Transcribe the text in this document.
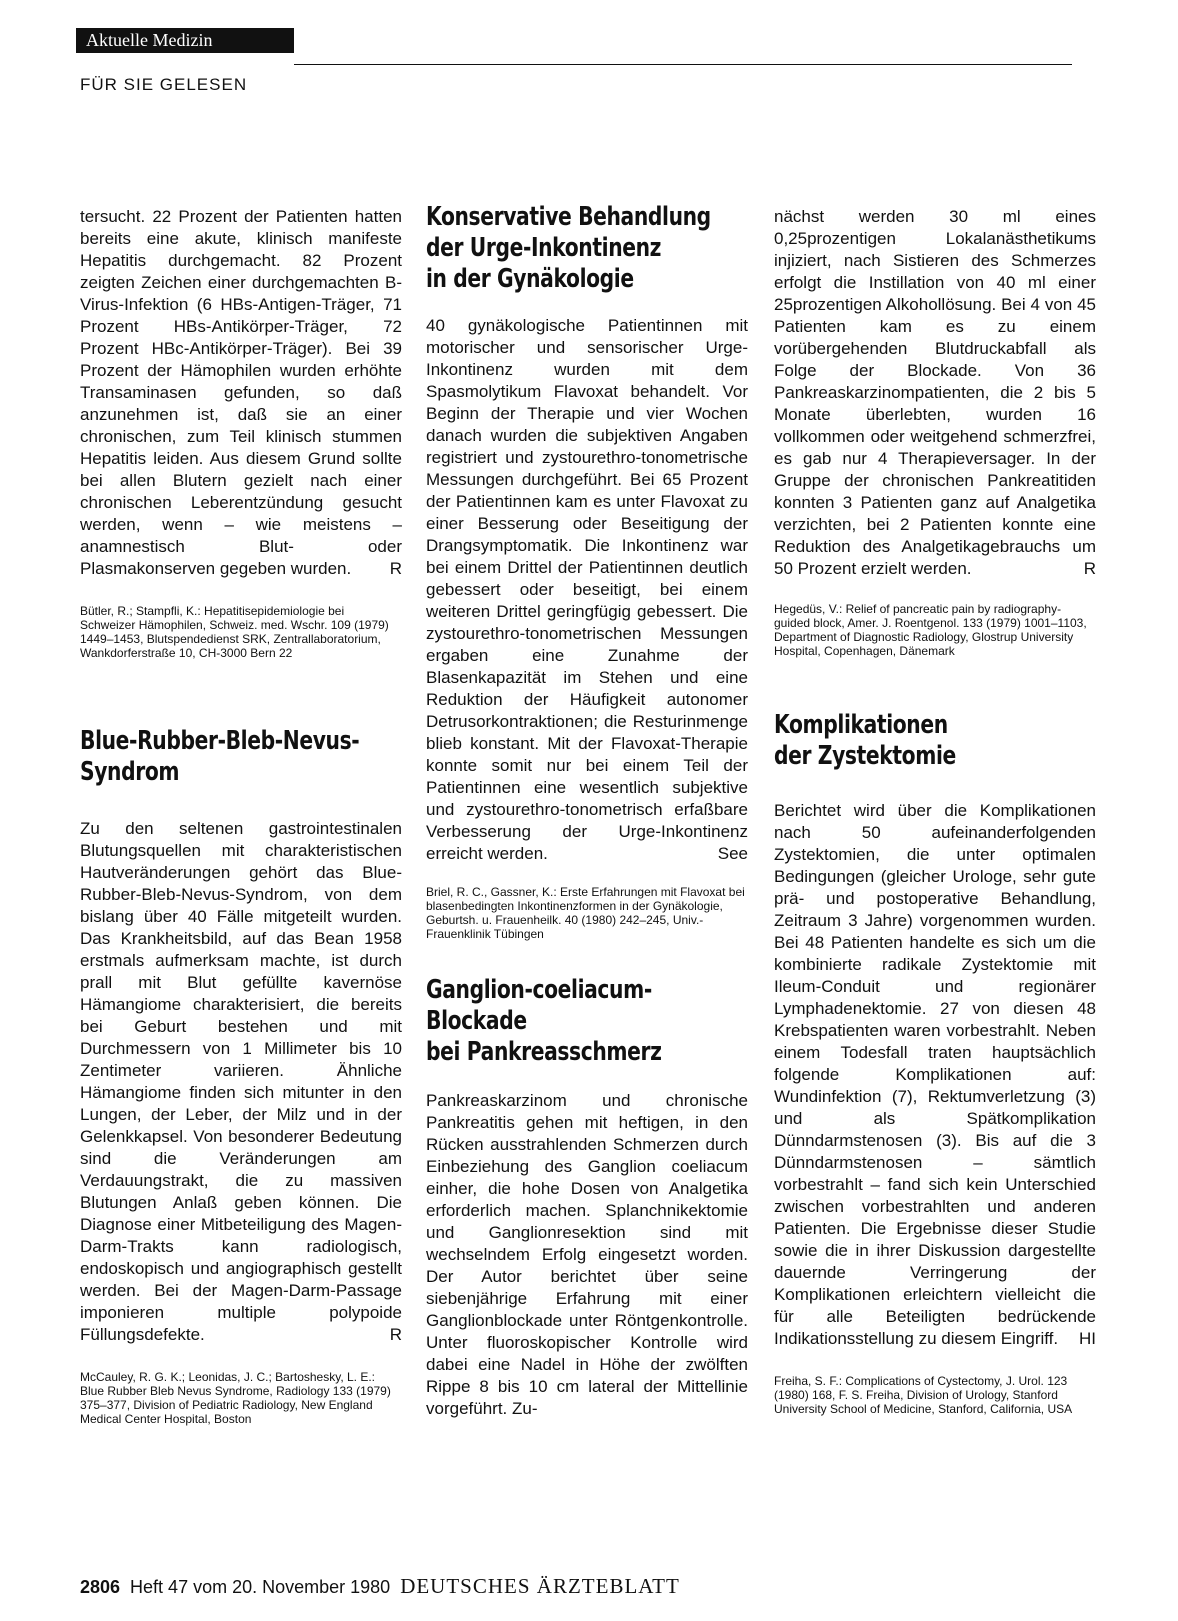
Aktuelle Medizin
FÜR SIE GELESEN

tersucht. 22 Prozent der Patienten hatten bereits eine akute, klinisch manifeste Hepatitis durchgemacht. 82 Prozent zeigten Zeichen einer durchgemachten B-Virus-Infektion (6 HBs-Antigen-Träger, 71 Prozent HBs-Antikörper-Träger, 72 Prozent HBc-Antikörper-Träger). Bei 39 Prozent der Hämophilen wurden erhöhte Transaminasen gefunden, so daß anzunehmen ist, daß sie an einer chronischen, zum Teil klinisch stummen Hepatitis leiden. Aus diesem Grund sollte bei allen Blutern gezielt nach einer chronischen Leberentzündung gesucht werden, wenn – wie meistens – anamnestisch Blut- oder Plasmakonserven gegeben wurden. R

Bütler, R.; Stampfli, K.: Hepatitisepidemiologie bei Schweizer Hämophilen, Schweiz. med. Wschr. 109 (1979) 1449–1453, Blutspendedienst SRK, Zentrallaboratorium, Wankdorferstraße 10, CH-3000 Bern 22

Blue-Rubber-Bleb-Nevus-

Syndrom

Zu den seltenen gastrointestinalen Blutungsquellen mit charakteristischen Hautveränderungen gehört das Blue-Rubber-Bleb-Nevus-Syndrom, von dem bislang über 40 Fälle mitgeteilt wurden. Das Krankheitsbild, auf das Bean 1958 erstmals aufmerksam machte, ist durch prall mit Blut gefüllte kavernöse Hämangiome charakterisiert, die bereits bei Geburt bestehen und mit Durchmessern von 1 Millimeter bis 10 Zentimeter variieren. Ähnliche Hämangiome finden sich mitunter in den Lungen, der Leber, der Milz und in der Gelenkkapsel. Von besonderer Bedeutung sind die Veränderungen am Verdauungstrakt, die zu massiven Blutungen Anlaß geben können. Die Diagnose einer Mitbeteiligung des Magen-Darm-Trakts kann radiologisch, endoskopisch und angiographisch gestellt werden. Bei der Magen-Darm-Passage imponieren multiple polypoide Füllungsdefekte.	R

McCauley, R. G. K.; Leonidas, J. C.; Bartoshesky, L. E.: Blue Rubber Bleb Nevus Syndrome, Radiology 133 (1979) 375–377, Division of Pediatric Radiology, New England Medical Center Hospital, Boston

Konservative Behandlung

der Urge-Inkontinenz

in der Gynäkologie

40 gynäkologische Patientinnen mit motorischer und sensorischer Urge-Inkontinenz wurden mit dem Spasmolytikum Flavoxat behandelt. Vor Beginn der Therapie und vier Wochen danach wurden die subjektiven Angaben registriert und zystourethro-tonometrische Messungen durchgeführt. Bei 65 Prozent der Patientinnen kam es unter Flavoxat zu einer Besserung oder Beseitigung der Drangsymptomatik. Die Inkontinenz war bei einem Drittel der Patientinnen deutlich gebessert oder beseitigt, bei einem weiteren Drittel geringfügig gebessert. Die zystourethro-tonometrischen Messungen ergaben eine Zunahme der Blasenkapazität im Stehen und eine Reduktion der Häufigkeit autonomer Detrusorkontraktionen; die Resturinmenge blieb konstant. Mit der Flavoxat-Therapie konnte somit nur bei einem Teil der Patientinnen eine wesentlich subjektive und zystourethro-tonometrisch erfaßbare Verbesserung der Urge-Inkontinenz erreicht werden.	See

Briel, R. C., Gassner, K.: Erste Erfahrungen mit Flavoxat bei blasenbedingten Inkontinenzformen in der Gynäkologie, Geburtsh. u. Frauenheilk. 40 (1980) 242–245, Univ.-Frauenklinik Tübingen

Ganglion-coeliacum-

Blockade

bei Pankreasschmerz

Pankreaskarzinom und chronische Pankreatitis gehen mit heftigen, in den Rücken ausstrahlenden Schmerzen durch Einbeziehung des Ganglion coeliacum einher, die hohe Dosen von Analgetika erforderlich machen. Splanchnikektomie und Ganglionresektion sind mit wechselndem Erfolg eingesetzt worden. Der Autor berichtet über seine siebenjährige Erfahrung mit einer Ganglionblockade unter Röntgenkontrolle. Unter fluoroskopischer Kontrolle wird dabei eine Nadel in Höhe der zwölften Rippe 8 bis 10 cm lateral der Mittellinie vorgeführt. Zu-

nächst werden 30 ml eines 0,25prozentigen Lokalanästhetikums injiziert, nach Sistieren des Schmerzes erfolgt die Instillation von 40 ml einer 25prozentigen Alkohollösung. Bei 4 von 45 Patienten kam es zu einem vorübergehenden Blutdruckabfall als Folge der Blockade. Von 36 Pankreaskarzinompatienten, die 2 bis 5 Monate überlebten, wurden 16 vollkommen oder weitgehend schmerzfrei, es gab nur 4 Therapieversager. In der Gruppe der chronischen Pankreatitiden konnten 3 Patienten ganz auf Analgetika verzichten, bei 2 Patienten konnte eine Reduktion des Analgetikagebrauchs um 50 Prozent erzielt werden.	R

Hegedüs, V.: Relief of pancreatic pain by radiography-guided block, Amer. J. Roentgenol. 133 (1979) 1001–1103, Department of Diagnostic Radiology, Glostrup University Hospital, Copenhagen, Dänemark

Komplikationen

der Zystektomie

Berichtet wird über die Komplikationen nach 50 aufeinanderfolgenden Zystektomien, die unter optimalen Bedingungen (gleicher Urologe, sehr gute prä- und postoperative Behandlung, Zeitraum 3 Jahre) vorgenommen wurden. Bei 48 Patienten handelte es sich um die kombinierte radikale Zystektomie mit Ileum-Conduit und regionärer Lymphadenektomie. 27 von diesen 48 Krebspatienten waren vorbestrahlt. Neben einem Todesfall traten hauptsächlich folgende Komplikationen auf: Wundinfektion (7), Rektumverletzung (3) und als Spätkomplikation Dünndarmstenosen (3). Bis auf die 3 Dünndarmstenosen – sämtlich vorbestrahlt – fand sich kein Unterschied zwischen vorbestrahlten und anderen Patienten. Die Ergebnisse dieser Studie sowie die in ihrer Diskussion dargestellte dauernde Verringerung der Komplikationen erleichtern vielleicht die für alle Beteiligten bedrückende Indikationsstellung zu diesem Eingriff. HI

Freiha, S. F.: Complications of Cystectomy, J. Urol. 123 (1980) 168, F. S. Freiha, Division of Urology, Stanford University School of Medicine, Stanford, California, USA

2806 Heft 47 vom 20. November 1980 DEUTSCHES ÄRZTEBLATT
